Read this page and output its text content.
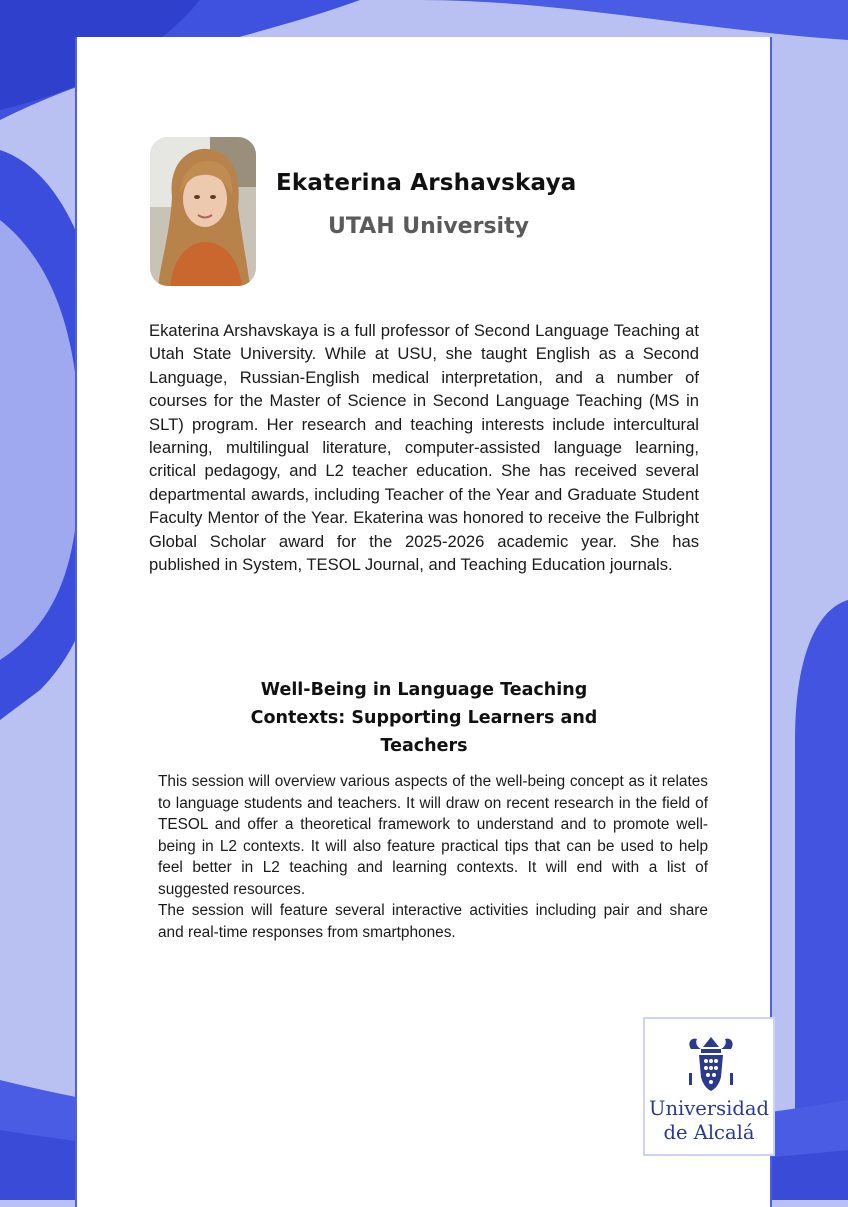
Ekaterina Arshavskaya
UTAH University

Ekaterina Arshavskaya is a full professor of Second Language Teaching at Utah State University. While at USU, she taught English as a Second Language, Russian-English medical interpretation, and a number of courses for the Master of Science in Second Language Teaching (MS in SLT) program. Her research and teaching interests include intercultural learning, multilingual literature, computer-assisted language learning, critical pedagogy, and L2 teacher education. She has received several departmental awards, including Teacher of the Year and Graduate Student Faculty Mentor of the Year. Ekaterina was honored to receive the Fulbright Global Scholar award for the 2025-2026 academic year. She has published in System, TESOL Journal, and Teaching Education journals.

Well-Being in Language Teaching Contexts: Supporting Learners and Teachers

This session will overview various aspects of the well-being concept as it relates to language students and teachers. It will draw on recent research in the field of TESOL and offer a theoretical framework to understand and to promote well-being in L2 contexts. It will also feature practical tips that can be used to help feel better in L2 teaching and learning contexts. It will end with a list of suggested resources.

The session will feature several interactive activities including pair and share and real-time responses from smartphones.

Universidad
de Alcalá
